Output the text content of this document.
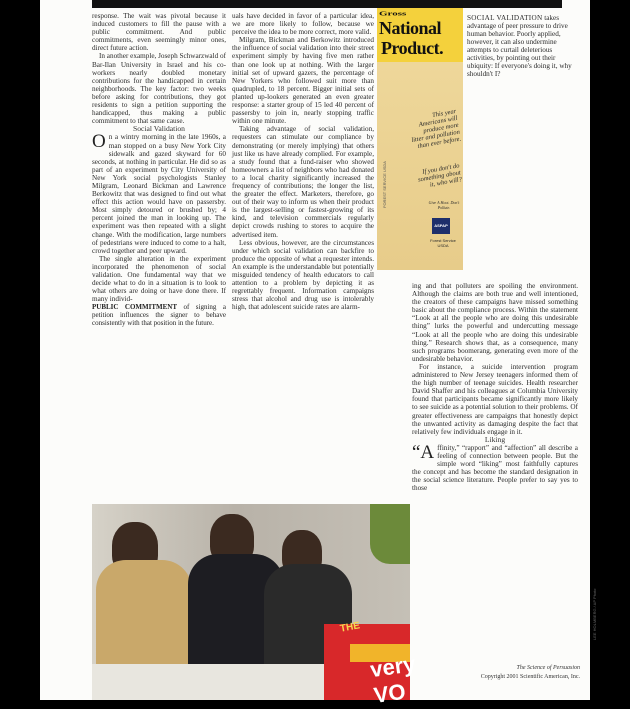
response. The wait was pivotal because it induced customers to fill the pause with a public commitment. And public commitments, even seemingly minor ones, direct future action.

In another example, Joseph Schwarzwald of Bar-Ilan University in Israel and his co-workers nearly doubled monetary contributions for the handicapped in certain neighborhoods. The key factor: two weeks before asking for contributions, they got residents to sign a petition supporting the handicapped, thus making a public commitment to that same cause.

Social Validation

On a wintry morning in the late 1960s, a man stopped on a busy New York City sidewalk and gazed skyward for 60 seconds, at nothing in particular. He did so as part of an experiment by City University of New York social psychologists Stanley Milgram, Leonard Bickman and Lawrence Berkowitz that was designed to find out what effect this action would have on passersby. Most simply detoured or brushed by; 4 percent joined the man in looking up. The experiment was then repeated with a slight change. With the modification, large numbers of pedestrians were induced to come to a halt, crowd together and peer upward.

The single alteration in the experiment incorporated the phenomenon of social validation. One fundamental way that we decide what to do in a situation is to look to what others are doing or have done there. If many individ-

PUBLIC COMMITMENT of signing a petition influences the signer to behave consistently with that position in the future.

uals have decided in favor of a particular idea, we are more likely to follow, because we perceive the idea to be more correct, more valid.

Milgram, Bickman and Berkowitz introduced the influence of social validation into their street experiment simply by having five men rather than one look up at nothing. With the larger initial set of upward gazers, the percentage of New Yorkers who followed suit more than quadrupled, to 18 percent. Bigger initial sets of planted up-lookers generated an even greater response: a starter group of 15 led 40 percent of passersby to join in, nearly stopping traffic within one minute.

Taking advantage of social validation, requesters can stimulate our compliance by demonstrating (or merely implying) that others just like us have already complied. For example, a study found that a fund-raiser who showed homeowners a list of neighbors who had donated to a local charity significantly increased the frequency of contributions; the longer the list, the greater the effect. Marketers, therefore, go out of their way to inform us when their product is the largest-selling or fastest-growing of its kind, and television commercials regularly depict crowds rushing to stores to acquire the advertised item.

Less obvious, however, are the circumstances under which social validation can backfire to produce the opposite of what a requester intends. An example is the understandable but potentially misguided tendency of health educators to call attention to a problem by depicting it as regrettably frequent. Information campaigns stress that alcohol and drug use is intolerably high, that adolescent suicide rates are alarm-

Gross
National
Product.
This year Americans will produce more litter and pollution than ever before.
If you don't do something about it, who will?
Give A Hoot. Don't Pollute.
ASPAP
Forest Service USDA
FOREST SERVICE USDA
SOCIAL VALIDATION takes advantage of peer pressure to drive human behavior. Poorly applied, however, it can also undermine attempts to curtail deleterious activities, by pointing out their ubiquity: If everyone's doing it, why shouldn't I?

ing and that polluters are spoiling the environment. Although the claims are both true and well intentioned, the creators of these campaigns have missed something basic about the compliance process. Within the statement “Look at all the people who are doing this undesirable thing” lurks the powerful and undercutting message “Look at all the people who are doing this undesirable thing.” Research shows that, as a consequence, many such programs boomerang, generating even more of the undesirable behavior.

For instance, a suicide intervention program administered to New Jersey teenagers informed them of the high number of teenage suicides. Health researcher David Shaffer and his colleagues at Columbia University found that participants became significantly more likely to see suicide as a potential solution to their problems. Of greater effectiveness are campaigns that honestly depict the unwanted activity as damaging despite the fact that relatively few individuals engage in it.

Liking

“Affinity,” “rapport” and “affection” all describe a feeling of connection between people. But the simple word “liking” most faithfully captures the concept and has become the standard designation in the social science literature. People prefer to say yes to those

THE
very VO
LEE HOLMBERG / AP Photo
The Science of Persuasion
Copyright 2001 Scientific American, Inc.
